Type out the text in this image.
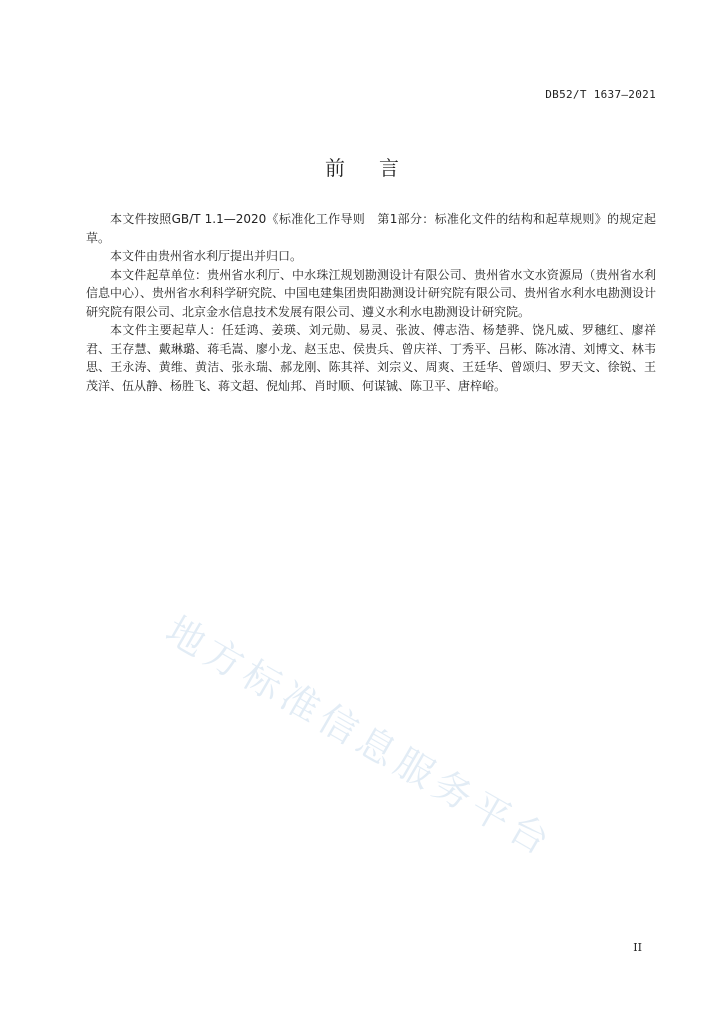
DB52/T 1637—2021
前言

本文件按照GB/T 1.1—2020《标准化工作导则　第1部分：标准化文件的结构和起草规则》的规定起草。

本文件由贵州省水利厅提出并归口。

本文件起草单位：贵州省水利厅、中水珠江规划勘测设计有限公司、贵州省水文水资源局（贵州省水利信息中心）、贵州省水利科学研究院、中国电建集团贵阳勘测设计研究院有限公司、贵州省水利水电勘测设计研究院有限公司、北京金水信息技术发展有限公司、遵义水利水电勘测设计研究院。

本文件主要起草人：任廷鸿、姜瑛、刘元勋、易灵、张波、傅志浩、杨楚骅、饶凡威、罗穗红、廖祥君、王存慧、戴琳璐、蒋毛嵩、廖小龙、赵玉忠、侯贵兵、曾庆祥、丁秀平、吕彬、陈冰清、刘博文、林韦思、王永涛、黄维、黄洁、张永瑞、郝龙刚、陈其祥、刘宗义、周爽、王廷华、曾颂归、罗天文、徐锐、王茂洋、伍从静、杨胜飞、蒋文超、倪灿邦、肖时顺、何谋铖、陈卫平、唐梓峪。

地方标准信息服务平台
II
